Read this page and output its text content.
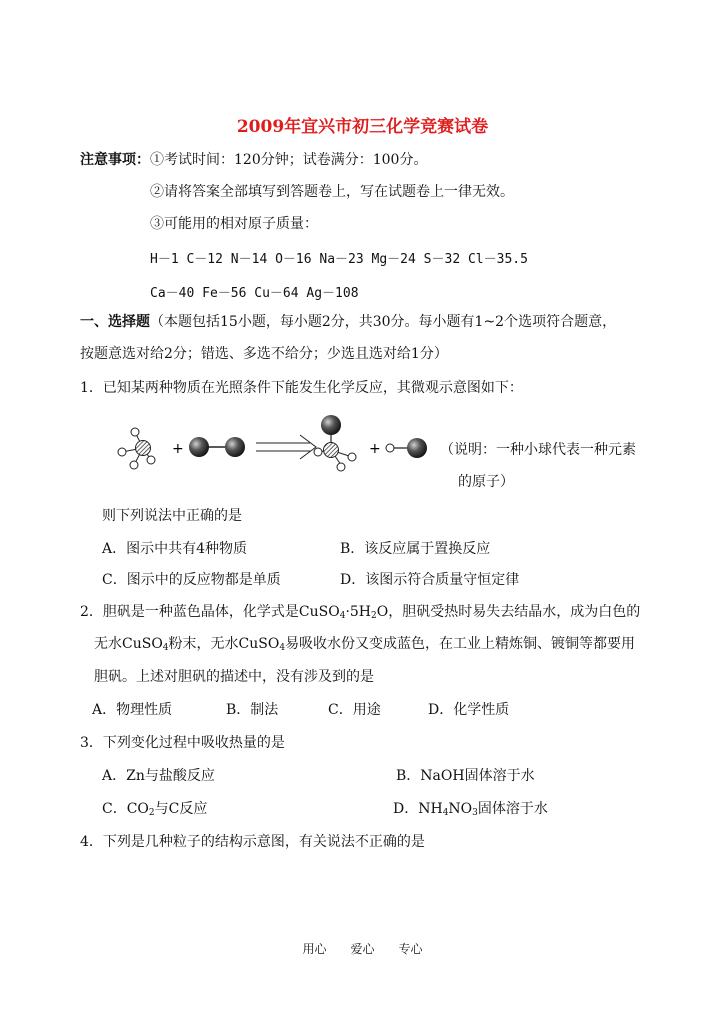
2009年宜兴市初三化学竞赛试卷
注意事项：①考试时间：120分钟；试卷满分：100分。
②请将答案全部填写到答题卷上，写在试题卷上一律无效。
③可能用的相对原子质量：
H－1 C－12 N－14 O－16 Na－23 Mg－24 S－32 Cl－35.5
Ca－40 Fe－56 Cu－64 Ag－108
一、选择题（本题包括15小题，每小题2分，共30分。每小题有1~2个选项符合题意，
按题意选对给2分；错选、多选不给分；少选且选对给1分）
1．已知某两种物质在光照条件下能发生化学反应，其微观示意图如下：
+	+	（说明：一种小球代表一种元素
的原子）
则下列说法中正确的是
A．图示中共有4种物质	B．该反应属于置换反应
C．图示中的反应物都是单质	D．该图示符合质量守恒定律
2．胆矾是一种蓝色晶体，化学式是$CuSO_4\cdot 5H_2O$，胆矾受热时易失去结晶水，成为白色的
无水CuSO$_4$粉末，无水CuSO$_4$易吸收水份又变成蓝色，在工业上精炼铜、镀铜等都要用
胆矾。上述对胆矾的描述中，没有涉及到的是
A．物理性质	B．制法	C．用途	D．化学性质
3．下列变化过程中吸收热量的是
A．Zn与盐酸反应	B．NaOH固体溶于水
C．$CO_2$与C反应	D．$NH_4NO_3$固体溶于水
4．下列是几种粒子的结构示意图，有关说法不正确的是
用心　　爱心　　专心
